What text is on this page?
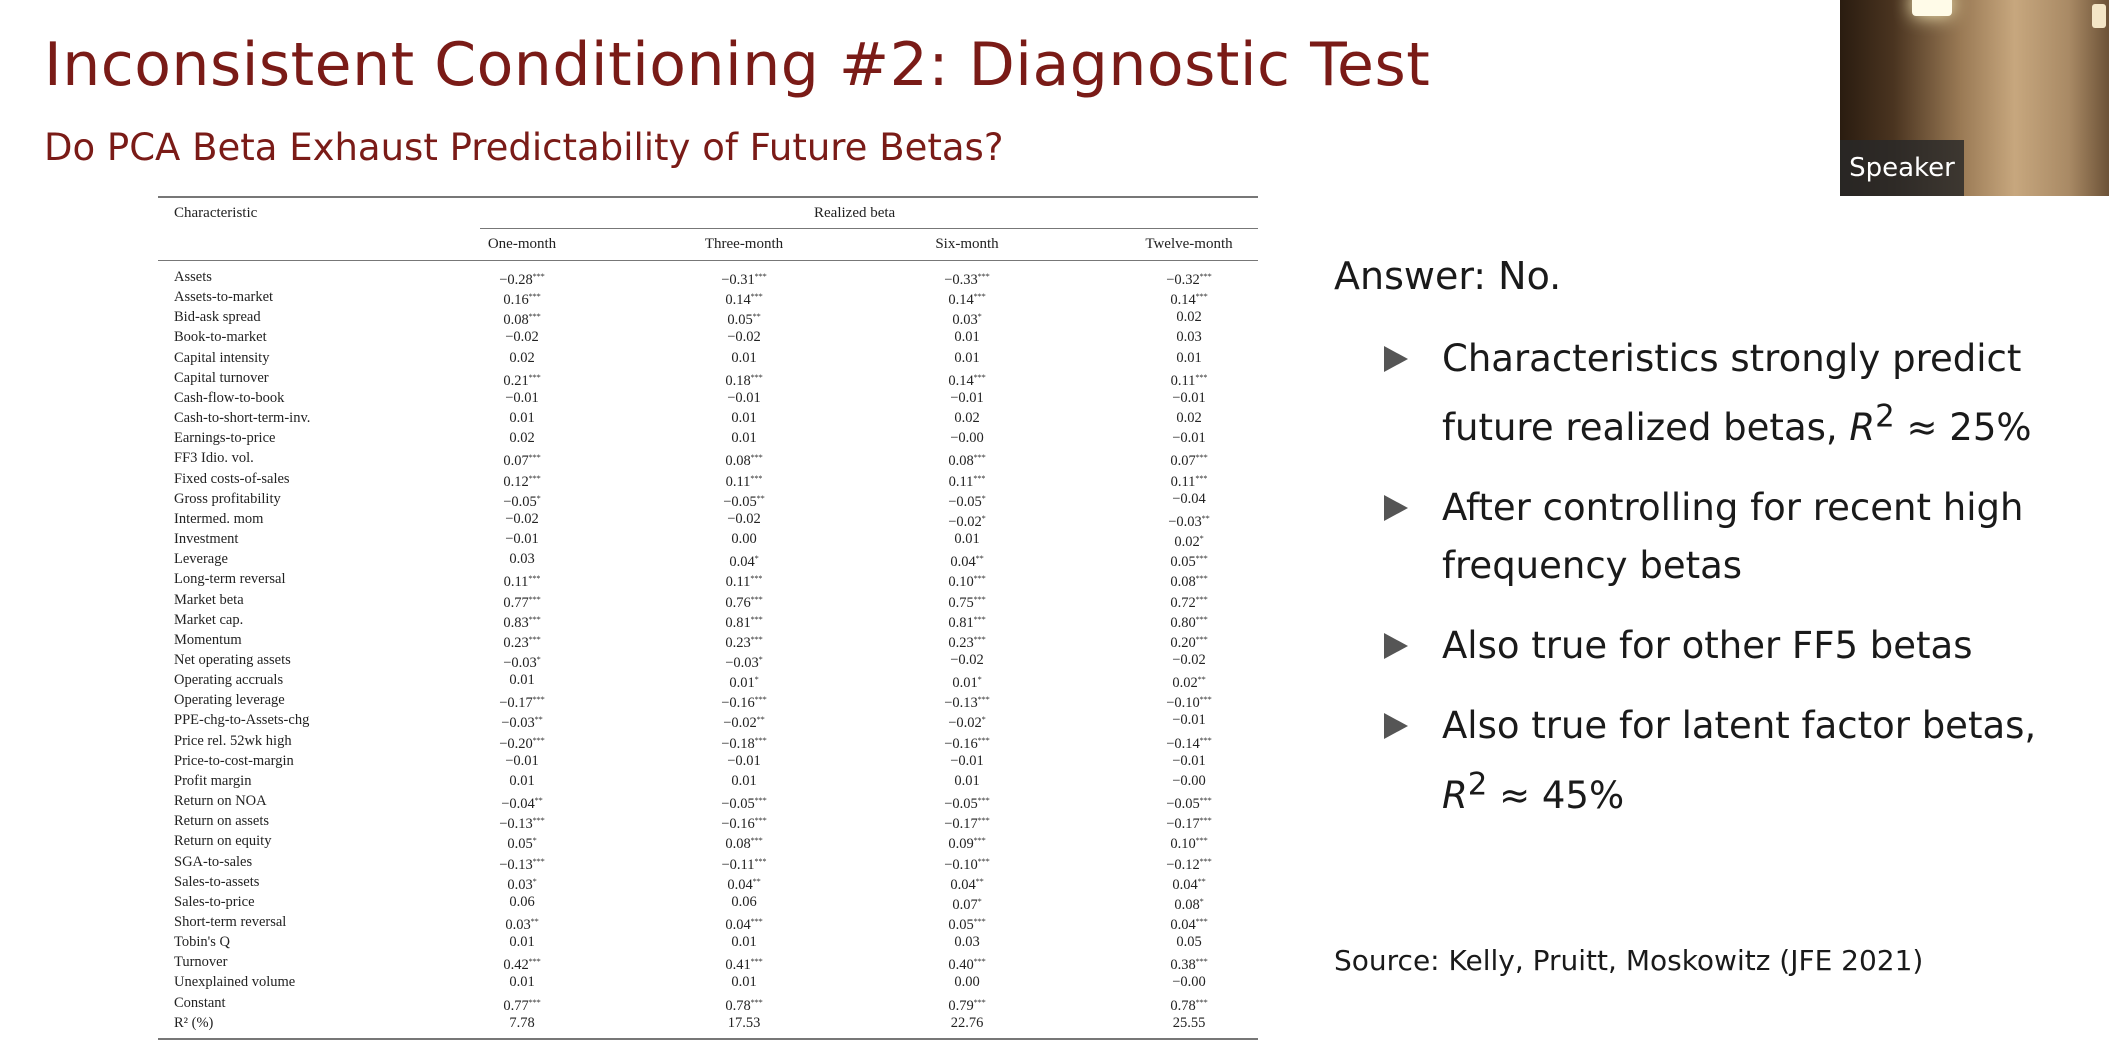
Inconsistent Conditioning #2: Diagnostic Test
Do PCA Beta Exhaust Predictability of Future Betas?
Characteristic	Realized beta
One-month	Three-month	Six-month	Twelve-month
Assets	−0.28***	−0.31***	−0.33***	−0.32***
Assets-to-market	0.16***	0.14***	0.14***	0.14***
Bid-ask spread	0.08***	0.05**	0.03*	0.02
Book-to-market	−0.02	−0.02	0.01	0.03
Capital intensity	0.02	0.01	0.01	0.01
Capital turnover	0.21***	0.18***	0.14***	0.11***
Cash-flow-to-book	−0.01	−0.01	−0.01	−0.01
Cash-to-short-term-inv.	0.01	0.01	0.02	0.02
Earnings-to-price	0.02	0.01	−0.00	−0.01
FF3 Idio. vol.	0.07***	0.08***	0.08***	0.07***
Fixed costs-of-sales	0.12***	0.11***	0.11***	0.11***
Gross profitability	−0.05*	−0.05**	−0.05*	−0.04
Intermed. mom	−0.02	−0.02	−0.02*	−0.03**
Investment	−0.01	0.00	0.01	0.02*
Leverage	0.03	0.04*	0.04**	0.05***
Long-term reversal	0.11***	0.11***	0.10***	0.08***
Market beta	0.77***	0.76***	0.75***	0.72***
Market cap.	0.83***	0.81***	0.81***	0.80***
Momentum	0.23***	0.23***	0.23***	0.20***
Net operating assets	−0.03*	−0.03*	−0.02	−0.02
Operating accruals	0.01	0.01*	0.01*	0.02**
Operating leverage	−0.17***	−0.16***	−0.13***	−0.10***
PPE-chg-to-Assets-chg	−0.03**	−0.02**	−0.02*	−0.01
Price rel. 52wk high	−0.20***	−0.18***	−0.16***	−0.14***
Price-to-cost-margin	−0.01	−0.01	−0.01	−0.01
Profit margin	0.01	0.01	0.01	−0.00
Return on NOA	−0.04**	−0.05***	−0.05***	−0.05***
Return on assets	−0.13***	−0.16***	−0.17***	−0.17***
Return on equity	0.05*	0.08***	0.09***	0.10***
SGA-to-sales	−0.13***	−0.11***	−0.10***	−0.12***
Sales-to-assets	0.03*	0.04**	0.04**	0.04**
Sales-to-price	0.06	0.06	0.07*	0.08*
Short-term reversal	0.03**	0.04***	0.05***	0.04***
Tobin's Q	0.01	0.01	0.03	0.05
Turnover	0.42***	0.41***	0.40***	0.38***
Unexplained volume	0.01	0.01	0.00	−0.00
Constant	0.77***	0.78***	0.79***	0.78***
R² (%)	7.78	17.53	22.76	25.55
Answer: No.
Characteristics strongly predict future realized betas, $R^2 \approx 25\%$
After controlling for recent high frequency betas
Also true for other FF5 betas
Also true for latent factor betas, $R^2 \approx 45\%$
Source: Kelly, Pruitt, Moskowitz (JFE 2021)
Speaker
